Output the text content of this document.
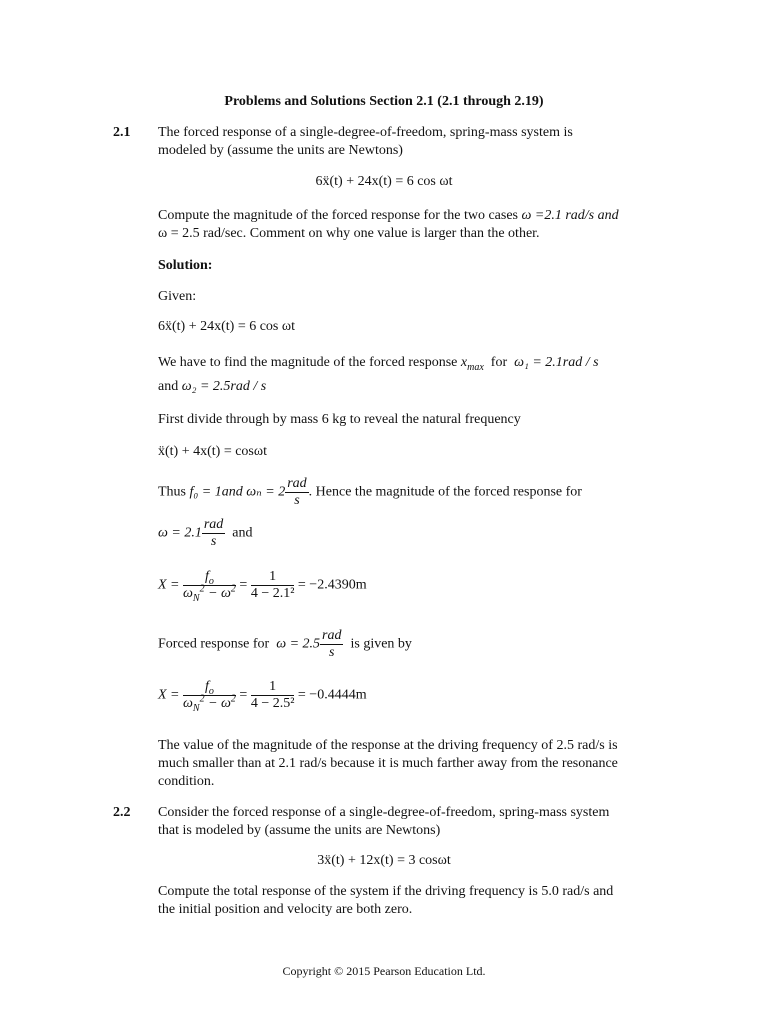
Problems and Solutions Section 2.1 (2.1 through 2.19)
2.1 The forced response of a single-degree-of-freedom, spring-mass system is
modeled by (assume the units are Newtons)
6ẍ(t) + 24x(t) = 6 cos ωt
Compute the magnitude of the forced response for the two cases ω =2.1 rad/s and
ω = 2.5 rad/sec. Comment on why one value is larger than the other.
Solution:
Given:
6ẍ(t) + 24x(t) = 6 cos ωt
We have to find the magnitude of the forced response $x_{max}$ for ω₁ = 2.1rad / s
and ω₂ = 2.5rad / s
First divide through by mass 6 kg to reveal the natural frequency
ẍ(t) + 4x(t) = cosωt
Thus f₀ = 1and $\omega_n = 2 \frac{\text{rad}}{s}$ . Hence the magnitude of the forced response for
$\omega = 2.1 \frac{\text{rad}}{s}$ and
$X = \frac{f_o}{\omega_N^2 - \omega^2} = \frac{1}{\text{4 − 2.1²}} = -2.4390m$
Forced response for $\omega = 2.5 \frac{\text{rad}}{s}$ is given by
$X = \frac{f_o}{\omega_N^2 - \omega^2} = \frac{1}{\text{4 − 2.5²}} = -0.4444m$
The value of the magnitude of the response at the driving frequency of 2.5 rad/s is
much smaller than at 2.1 rad/s because it is much farther away from the resonance
condition.
2.2 Consider the forced response of a single-degree-of-freedom, spring-mass system
that is modeled by (assume the units are Newtons)
3ẍ(t) + 12x(t) = 3 cosωt
Compute the total response of the system if the driving frequency is 5.0 rad/s and
the initial position and velocity are both zero.
Copyright © 2015 Pearson Education Ltd.
